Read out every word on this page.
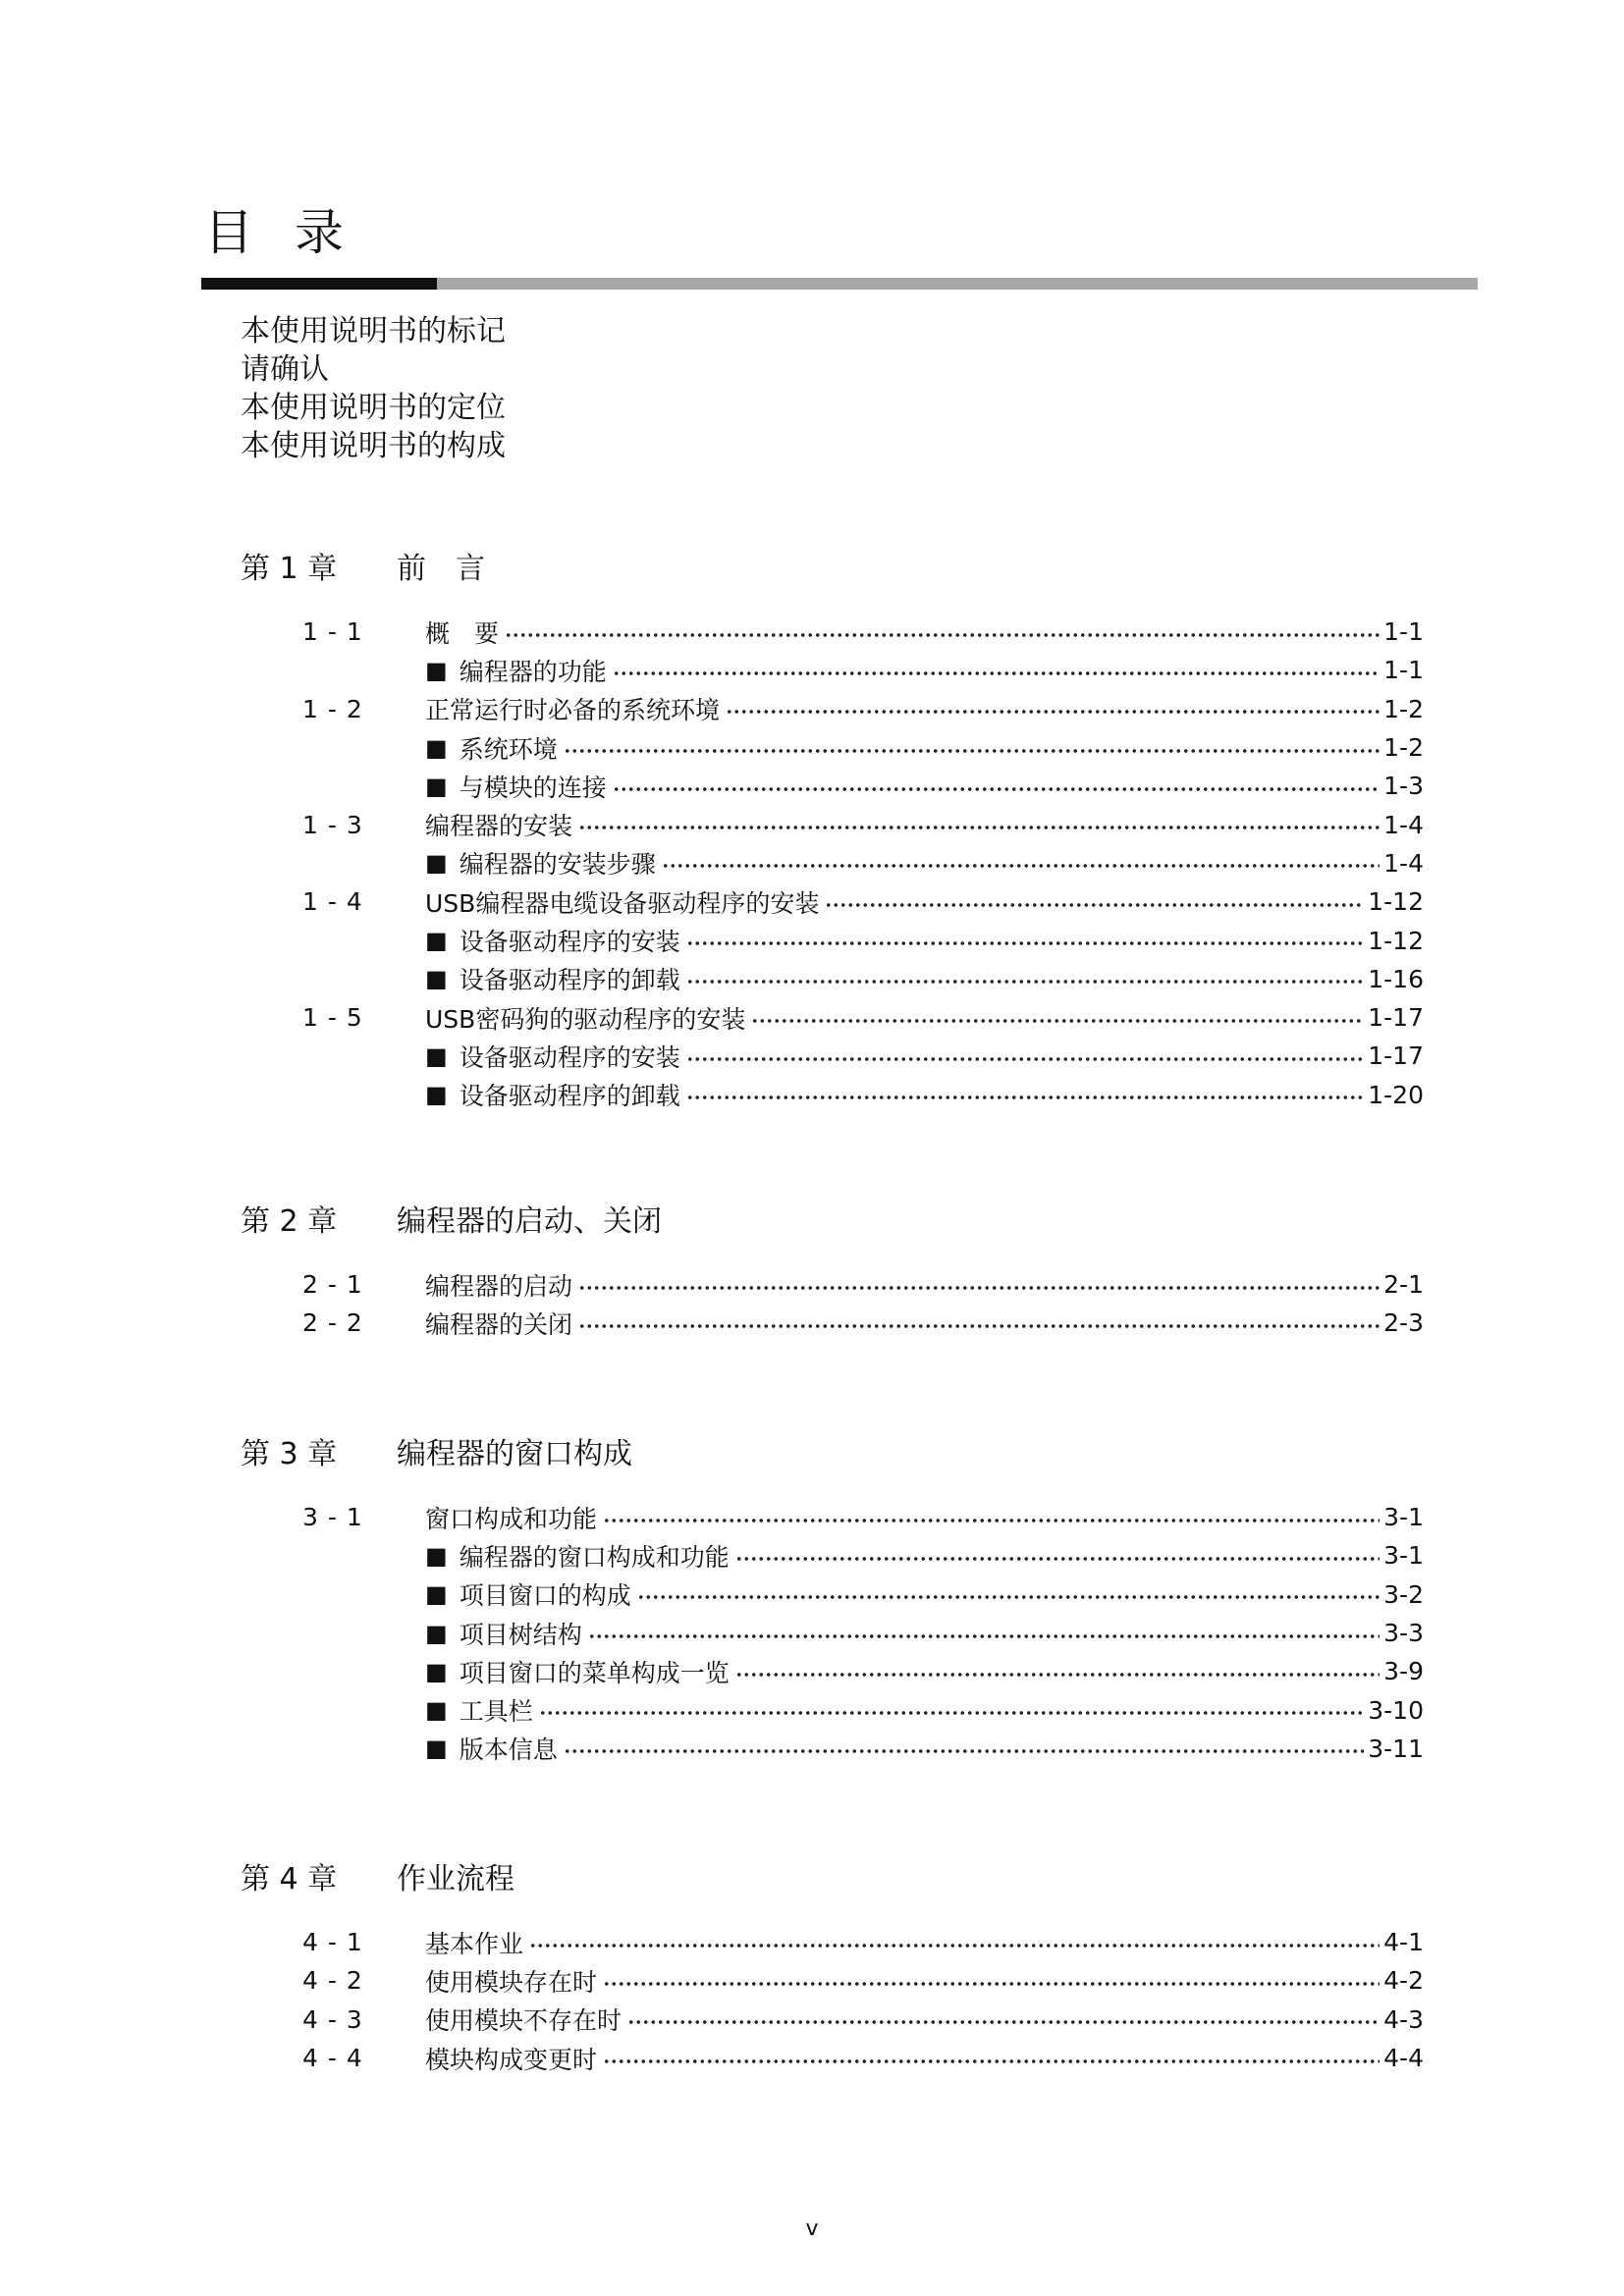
目录
本使用说明书的标记
请确认
本使用说明书的定位
本使用说明书的构成
第 1 章	前　言
1 - 1	概　要	1-1
■ 编程器的功能	1-1
1 - 2	正常运行时必备的系统环境	1-2
■ 系统环境	1-2
■ 与模块的连接	1-3
1 - 3	编程器的安装	1-4
■ 编程器的安装步骤	1-4
1 - 4	USB编程器电缆设备驱动程序的安装	1-12
■ 设备驱动程序的安装	1-12
■ 设备驱动程序的卸载	1-16
1 - 5	USB密码狗的驱动程序的安装	1-17
■ 设备驱动程序的安装	1-17
■ 设备驱动程序的卸载	1-20
第 2 章	编程器的启动、关闭
2 - 1	编程器的启动	2-1
2 - 2	编程器的关闭	2-3
第 3 章	编程器的窗口构成
3 - 1	窗口构成和功能	3-1
■ 编程器的窗口构成和功能	3-1
■ 项目窗口的构成	3-2
■ 项目树结构	3-3
■ 项目窗口的菜单构成一览	3-9
■ 工具栏	3-10
■ 版本信息	3-11
第 4 章	作业流程
4 - 1	基本作业	4-1
4 - 2	使用模块存在时	4-2
4 - 3	使用模块不存在时	4-3
4 - 4	模块构成变更时	4-4
v
